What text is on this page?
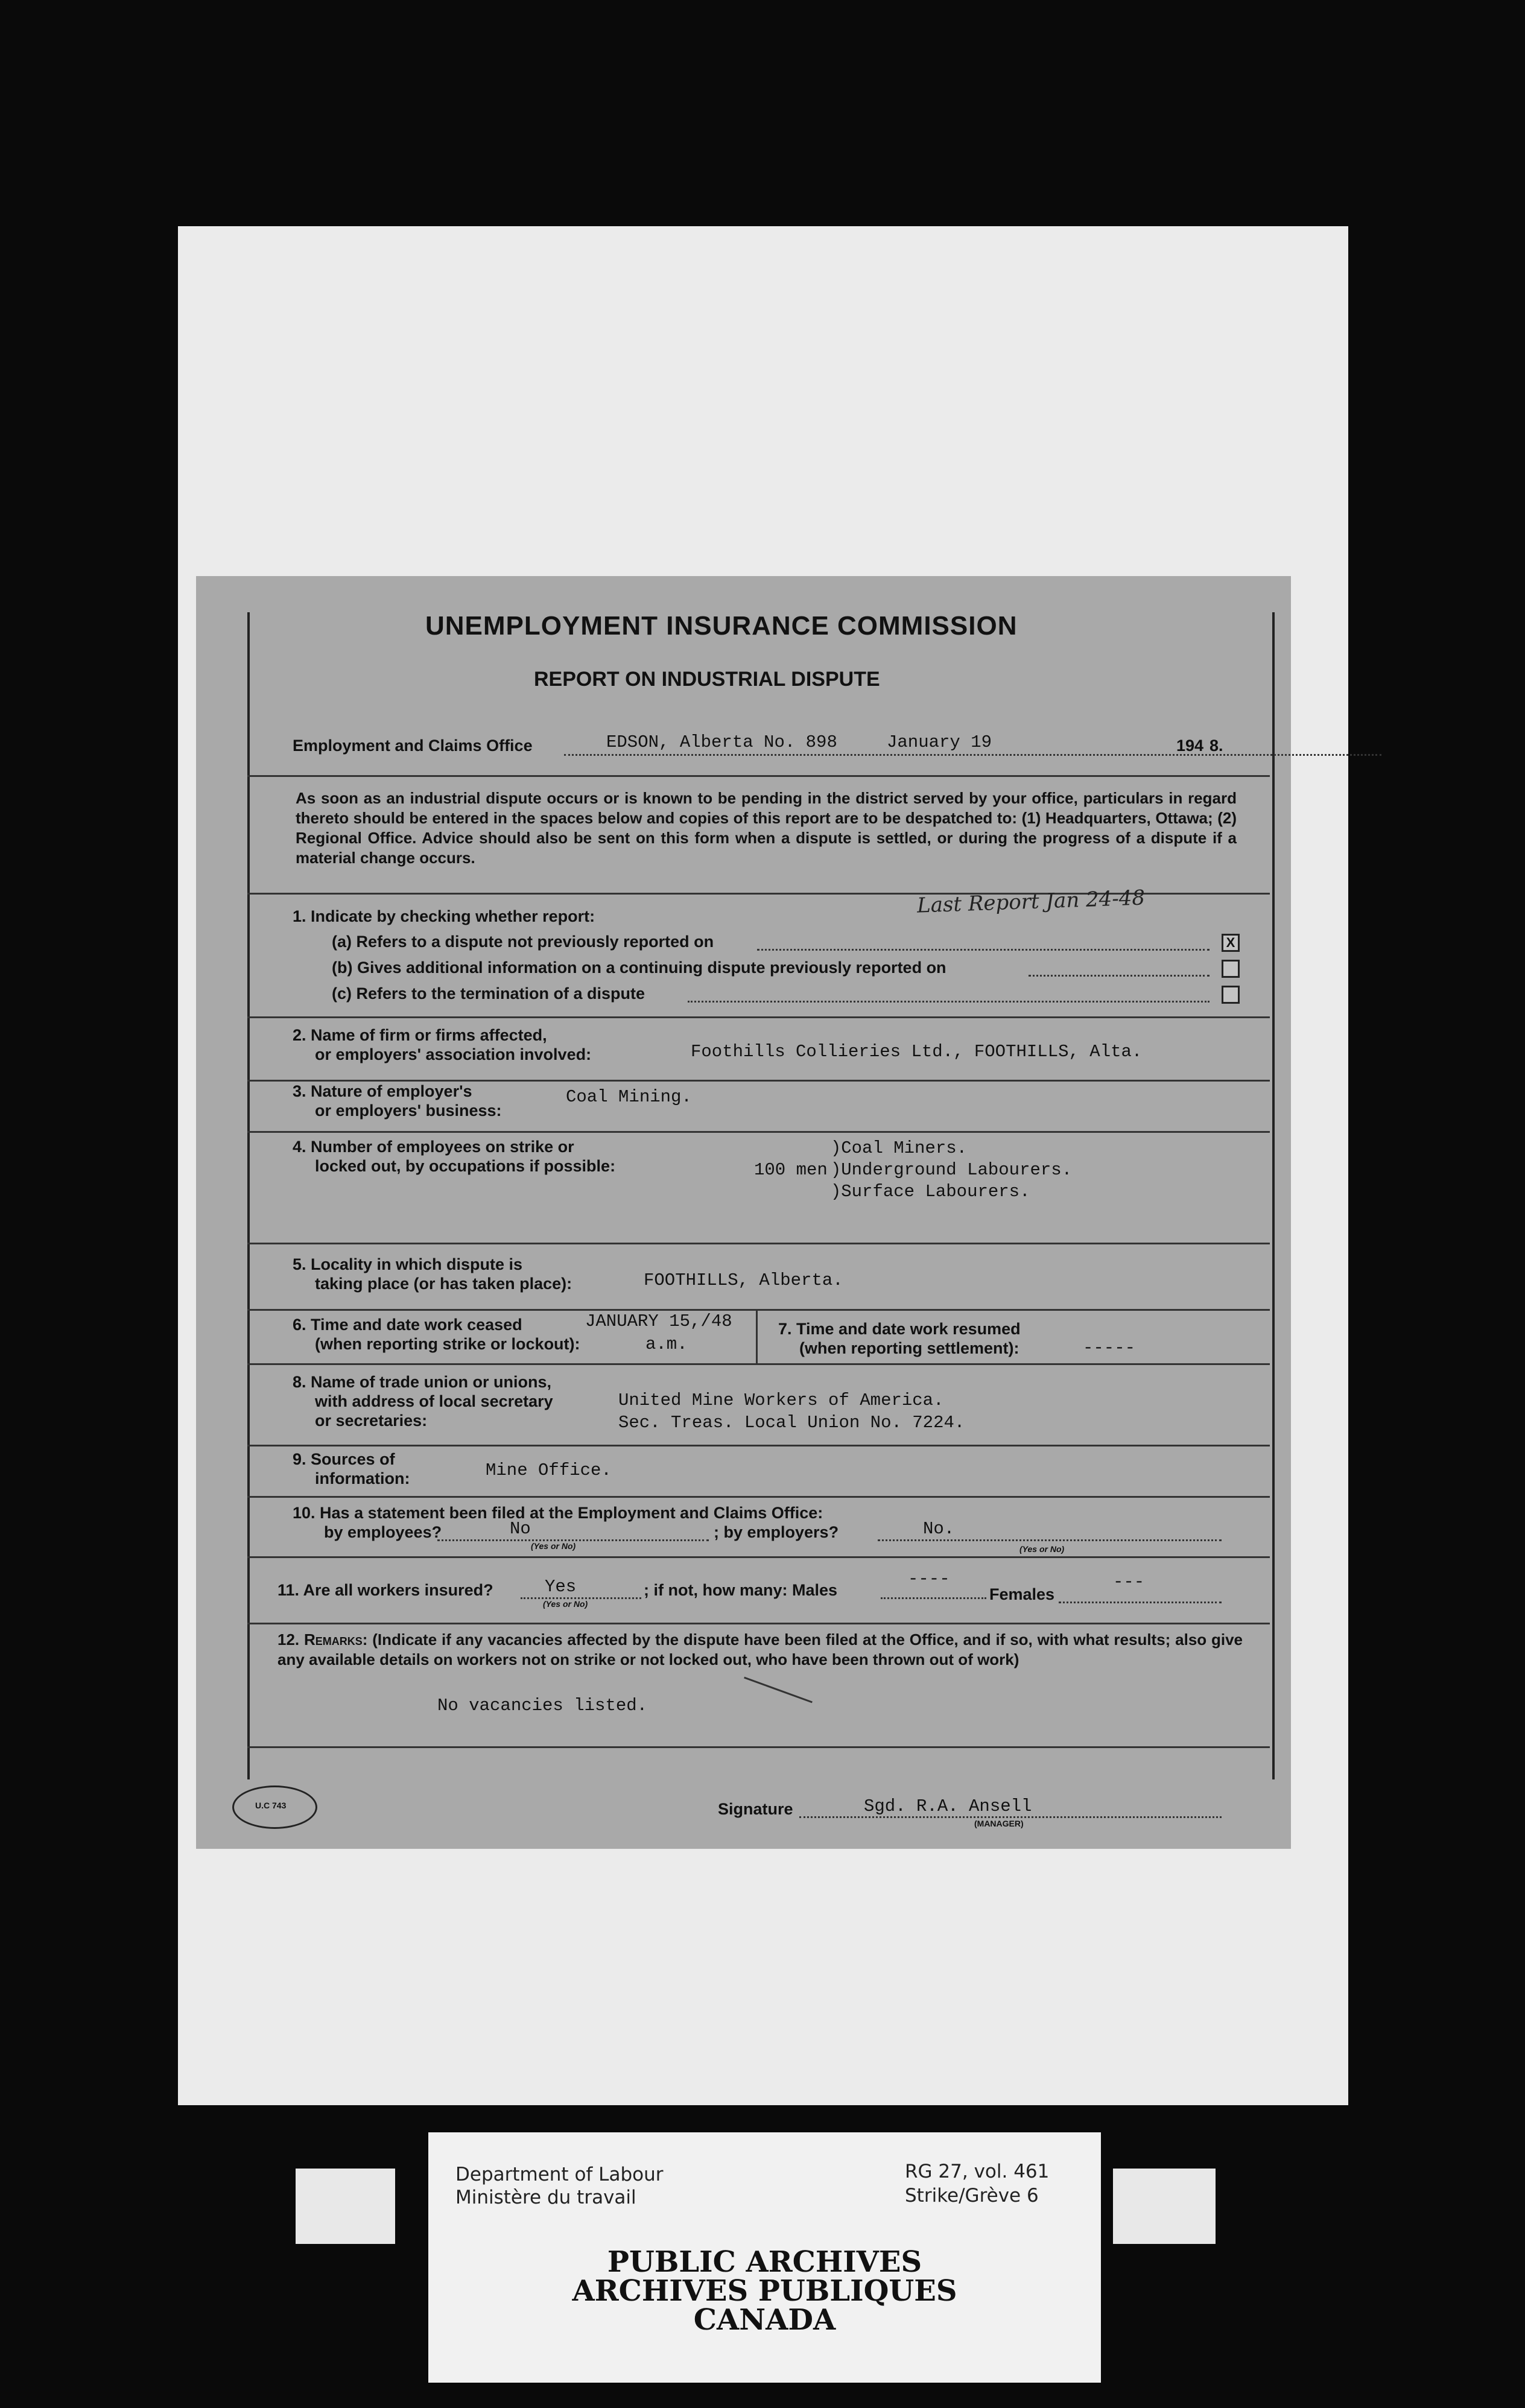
UNEMPLOYMENT INSURANCE COMMISSION
REPORT ON INDUSTRIAL DISPUTE
Employment and Claims Office	EDSON, Alberta No. 898	January 19	194 8.
As soon as an industrial dispute occurs or is known to be pending in the district served by your office, particulars in regard thereto should be entered in the spaces below and copies of this report are to be despatched to: (1) Headquarters, Ottawa; (2) Regional Office. Advice should also be sent on this form when a dispute is settled, or during the progress of a dispute if a material change occurs.
Last Report Jan 24-48
1. Indicate by checking whether report:
(a) Refers to a dispute not previously reported on	X
(b) Gives additional information on a continuing dispute previously reported on
(c) Refers to the termination of a dispute
2. Name of firm or firms affected,
or employers' association involved:	Foothills Collieries Ltd., FOOTHILLS, Alta.
3. Nature of employer's
or employers' business:
Coal Mining.
4. Number of employees on strike or
locked out, by occupations if possible:	100 men
)Coal Miners.
)Underground Labourers.
)Surface Labourers.
5. Locality in which dispute is
taking place (or has taken place):	FOOTHILLS, Alberta.
6. Time and date work ceased
(when reporting strike or lockout):
JANUARY 15,/48
a.m.
7. Time and date work resumed
(when reporting settlement):	-----
8. Name of trade union or unions,
with address of local secretary
or secretaries:
United Mine Workers of America.
Sec. Treas. Local Union No. 7224.
9. Sources of
information:	Mine Office.
10. Has a statement been filed at the Employment and Claims Office:
by employees?	No
(Yes or No)
; by employers?	No.
(Yes or No)
11. Are all workers insured?	Yes
(Yes or No)
; if not, how many: Males
----
Females
---
12. Remarks: (Indicate if any vacancies affected by the dispute have been filed at the Office, and if so, with what results; also give any available details on workers not on strike or not locked out, who have been thrown out of work)
No vacancies listed.
U.C 743	Signature	Sgd. R.A. Ansell
(MANAGER)
Department of Labour
Ministère du travail
RG 27, vol. 461
Strike/Grève 6
PUBLIC ARCHIVES
ARCHIVES PUBLIQUES
CANADA
